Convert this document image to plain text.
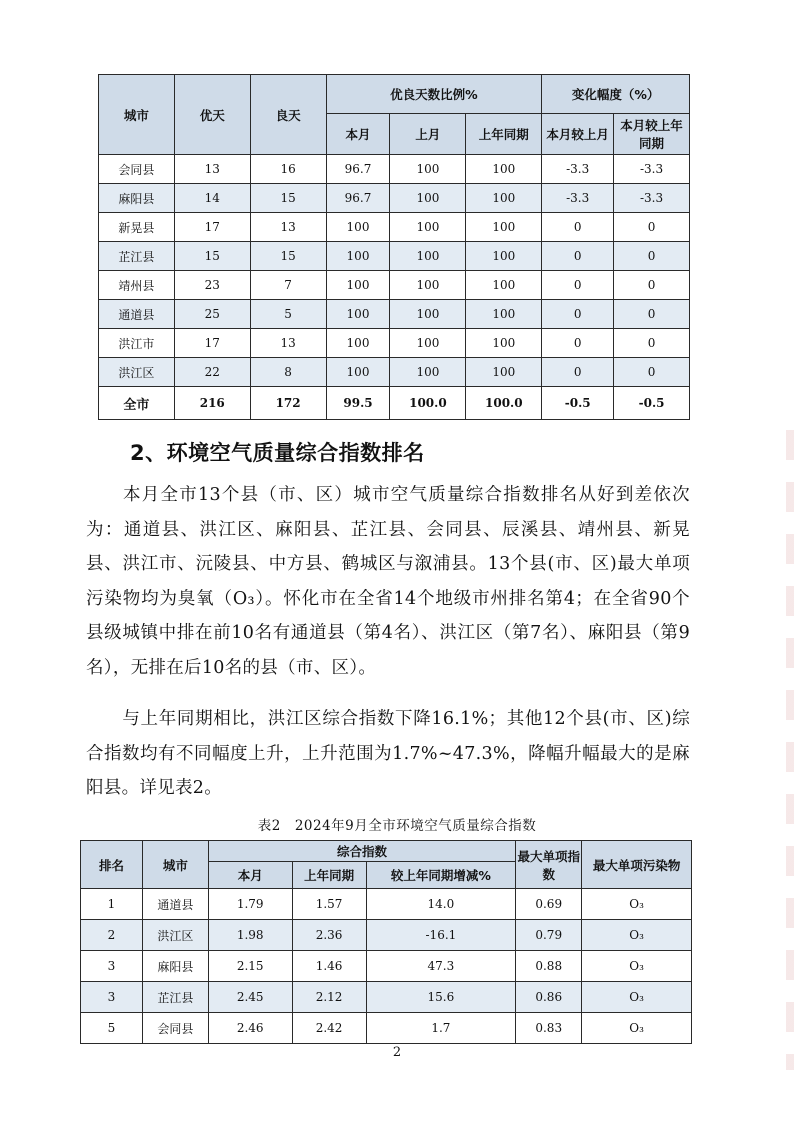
城市	优天	良天	优良天数比例%			变化幅度（%）	
			本月	上月	上年同期	本月较上月	本月较上年同期
会同县	13	16	96.7	100	100	-3.3	-3.3
麻阳县	14	15	96.7	100	100	-3.3	-3.3
新晃县	17	13	100	100	100	0	0
芷江县	15	15	100	100	100	0	0
靖州县	23	7	100	100	100	0	0
通道县	25	5	100	100	100	0	0
洪江市	17	13	100	100	100	0	0
洪江区	22	8	100	100	100	0	0
全市	216	172	99.5	100.0	100.0	-0.5	-0.5
2、环境空气质量综合指数排名
本月全市13个县（市、区）城市空气质量综合指数排名从好到差依次为：通道县、洪江区、麻阳县、芷江县、会同县、辰溪县、靖州县、新晃县、洪江市、沅陵县、中方县、鹤城区与溆浦县。13个县(市、区)最大单项污染物均为臭氧（O₃）。怀化市在全省14个地级市州排名第4；在全省90个县级城镇中排在前10名有通道县（第4名）、洪江区（第7名）、麻阳县（第9名），无排在后10名的县（市、区）。
与上年同期相比，洪江区综合指数下降16.1%；其他12个县(市、区)综合指数均有不同幅度上升，上升范围为1.7%~47.3%，降幅升幅最大的是麻阳县。详见表2。
表2 2024年9月全市环境空气质量综合指数
排名	城市	综合指数			最大单项指数	最大单项污染物
		本月	上年同期	较上年同期增减%		
1	通道县	1.79	1.57	14.0	0.69	O₃
2	洪江区	1.98	2.36	-16.1	0.79	O₃
3	麻阳县	2.15	1.46	47.3	0.88	O₃
3	芷江县	2.45	2.12	15.6	0.86	O₃
5	会同县	2.46	2.42	1.7	0.83	O₃
2
